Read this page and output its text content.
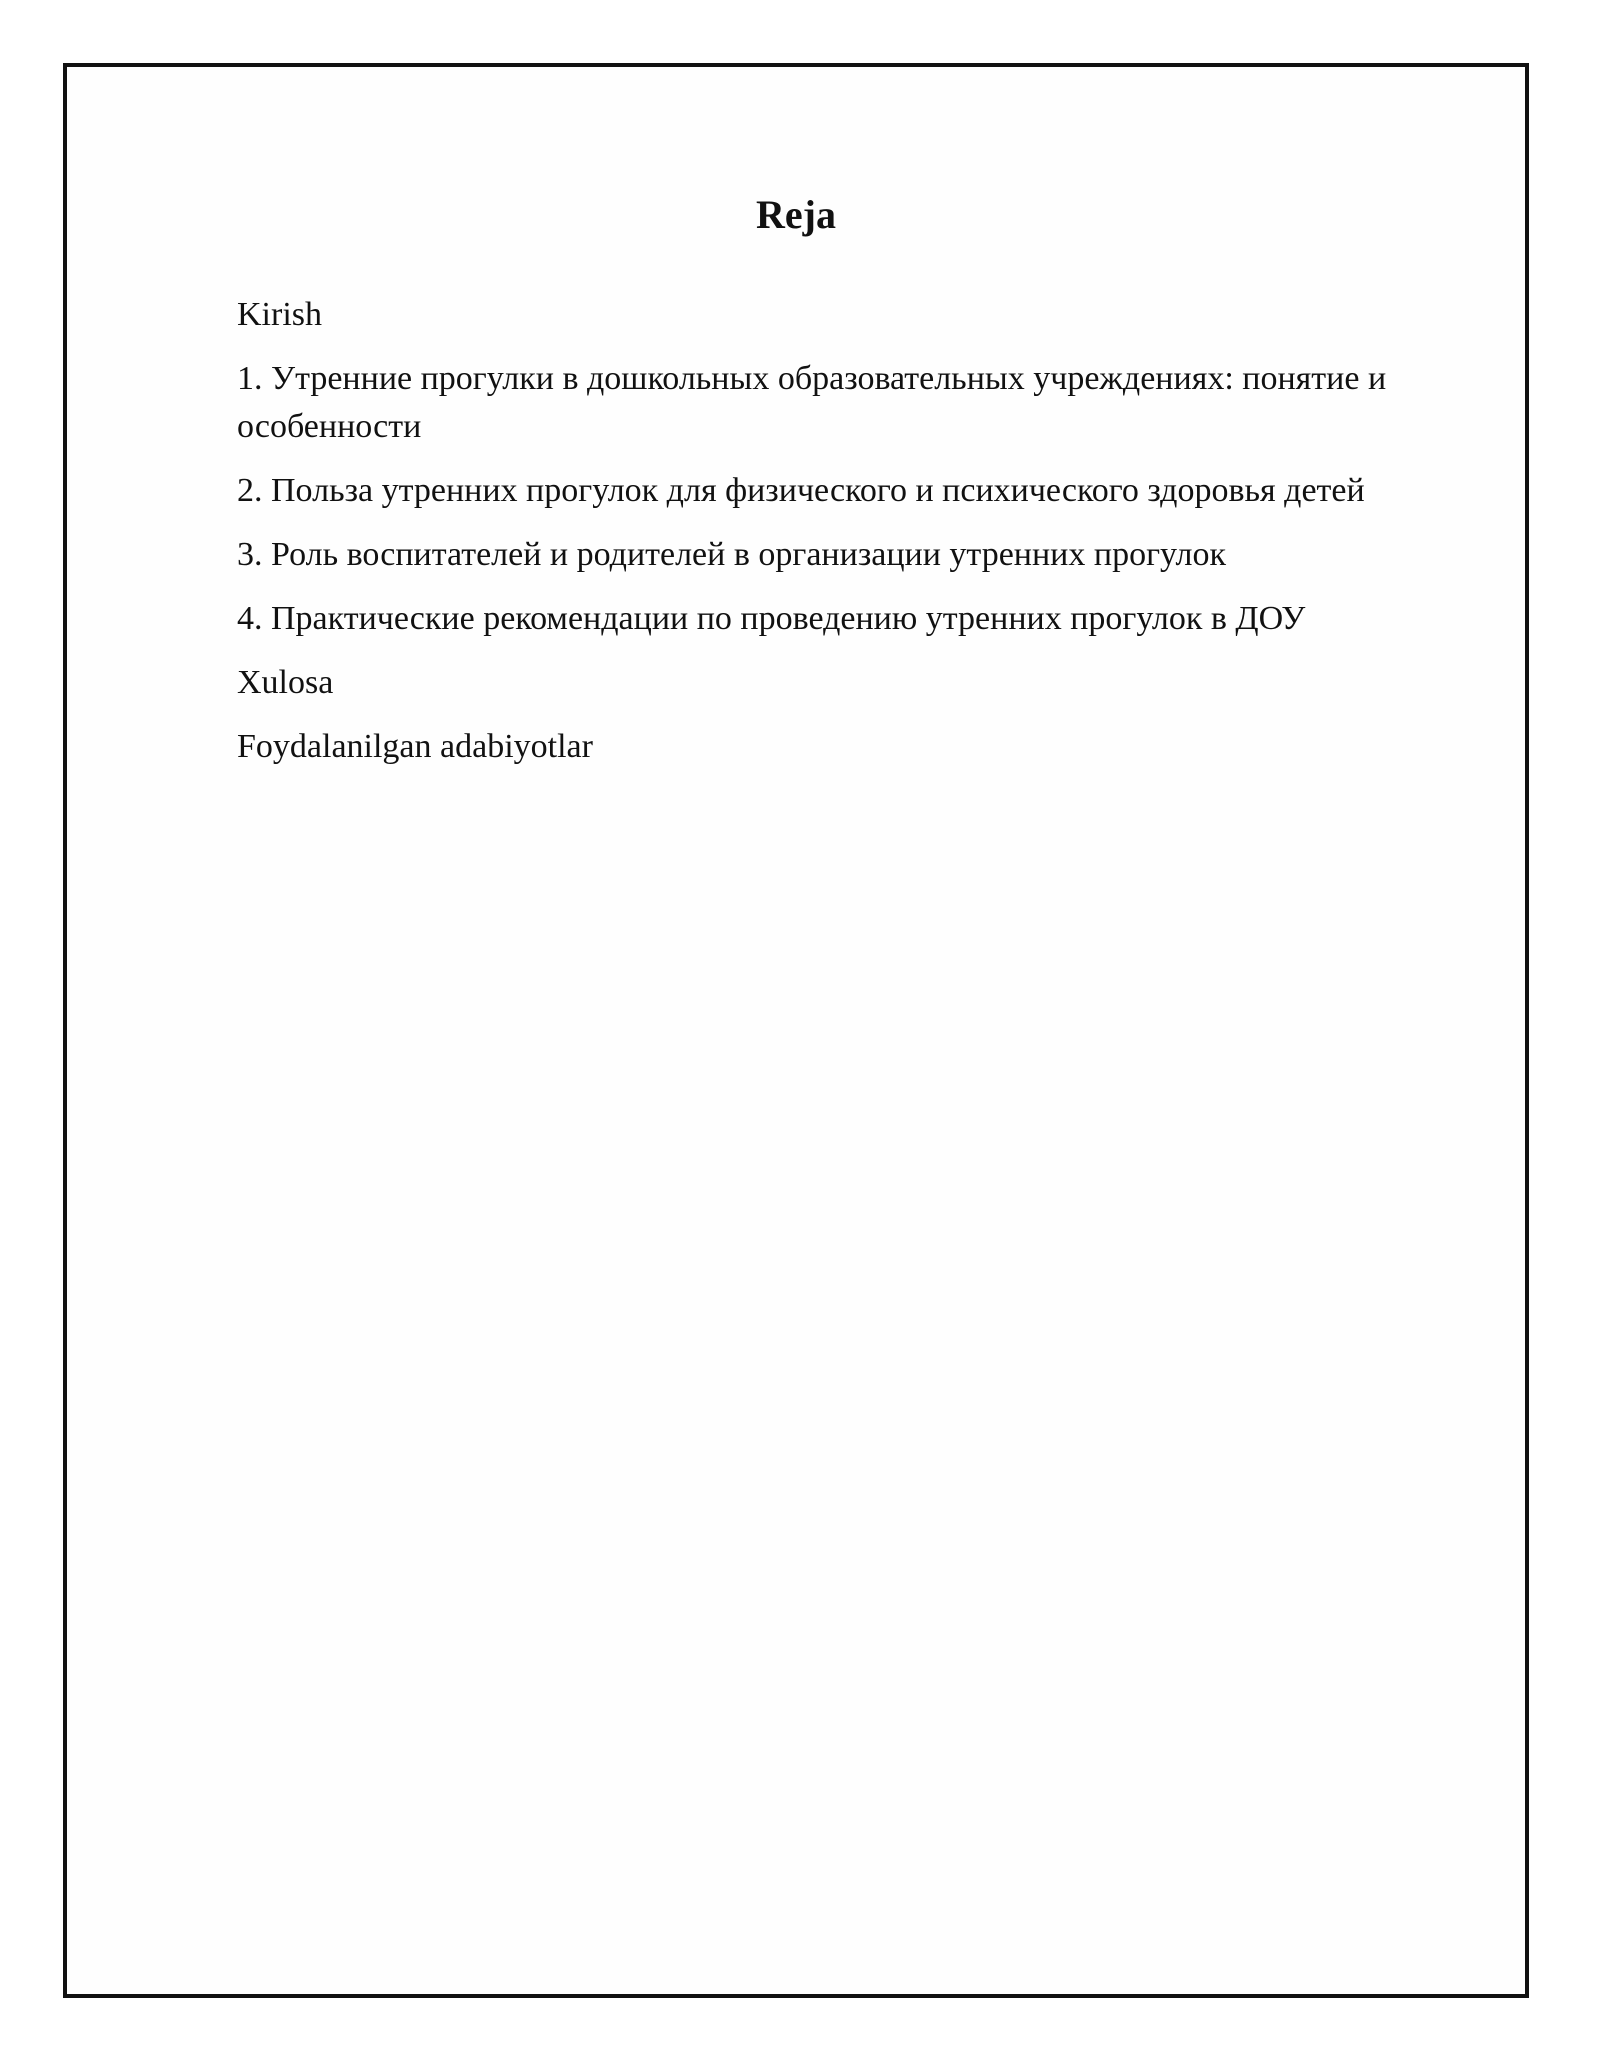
Reja
Kirish
1. Утренние прогулки в дошкольных образовательных учреждениях: понятие и особенности
2. Польза утренних прогулок для физического и психического здоровья детей
3. Роль воспитателей и родителей в организации утренних прогулок
4. Практические рекомендации по проведению утренних прогулок в ДОУ
Xulosa
Foydalanilgan adabiyotlar
